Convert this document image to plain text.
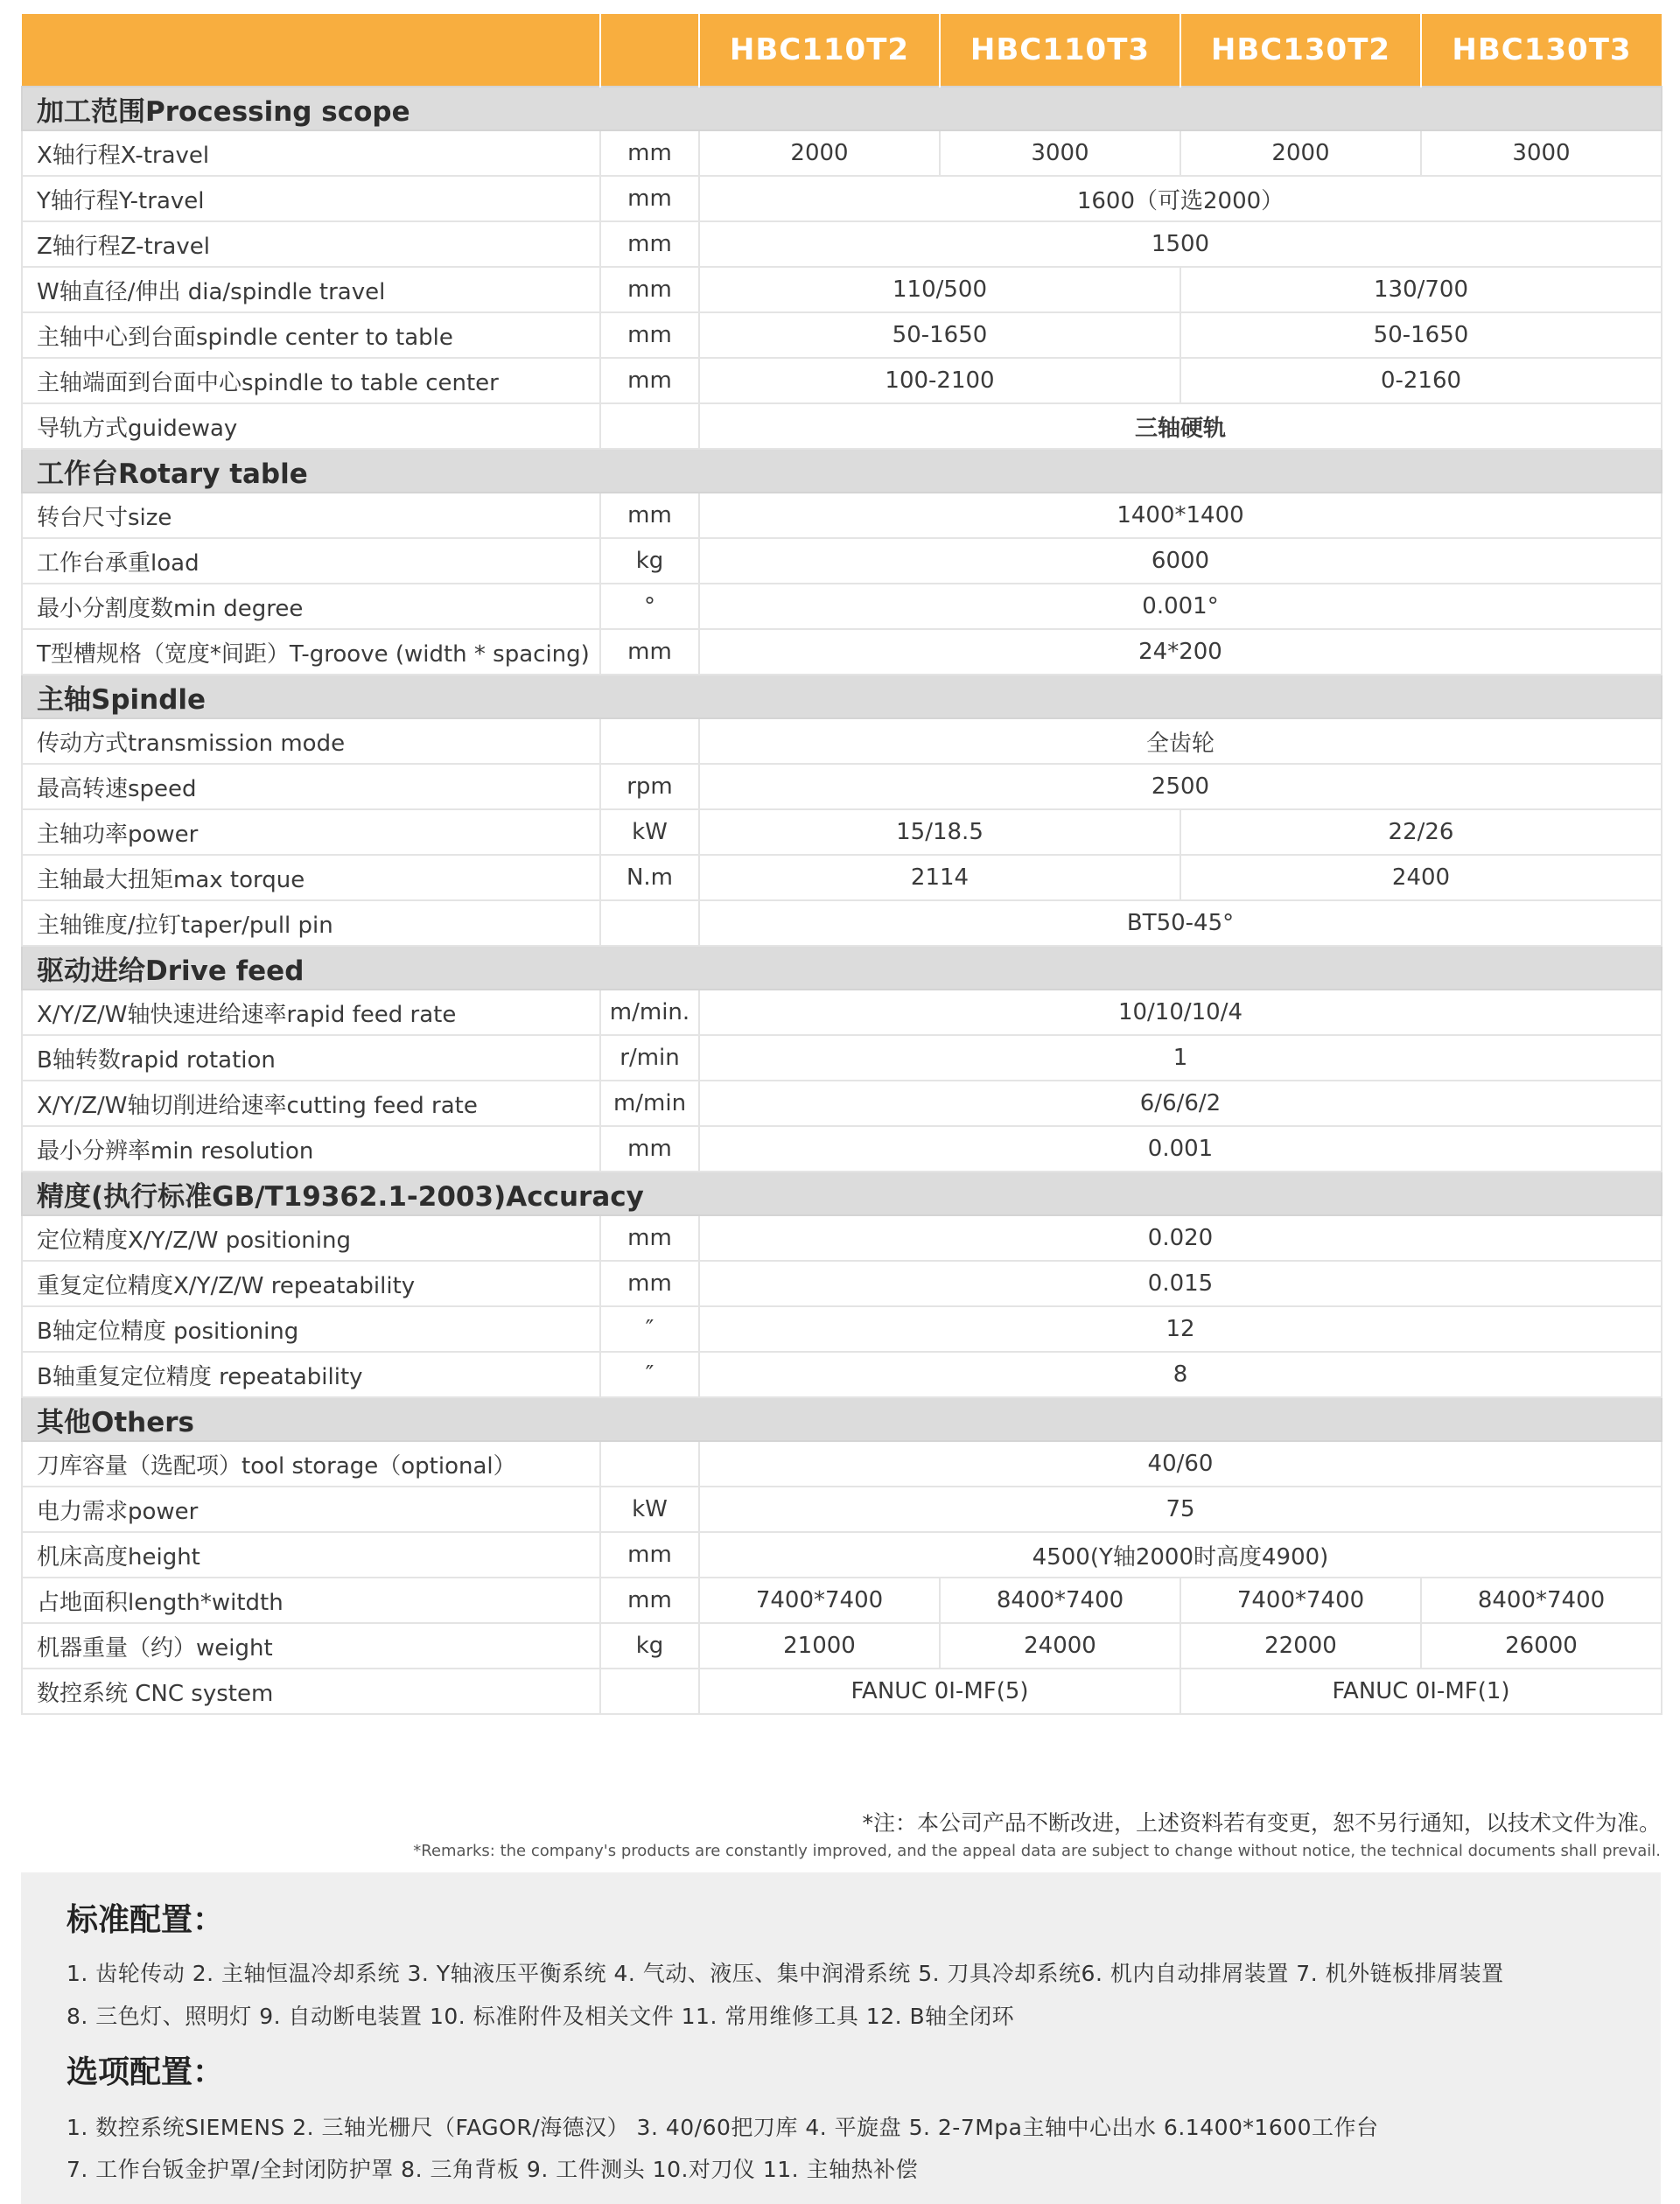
		HBC110T2	HBC110T3	HBC130T2	HBC130T3
加工范围Processing scope					
X轴行程X-travel	mm	2000	3000	2000	3000
Y轴行程Y-travel	mm	1600（可选2000）			
Z轴行程Z-travel	mm	1500			
W轴直径/伸出 dia/spindle travel	mm	110/500		130/700	
主轴中心到台面spindle center to table	mm	50-1650		50-1650	
主轴端面到台面中心spindle to table center	mm	100-2100		0-2160	
导轨方式guideway		三轴硬轨			
工作台Rotary table					
转台尺寸size	mm	1400*1400			
工作台承重load	kg	6000			
最小分割度数min degree	°	0.001°			
T型槽规格（宽度*间距）T-groove (width * spacing)	mm	24*200			
主轴Spindle					
传动方式transmission mode		全齿轮			
最高转速speed	rpm	2500			
主轴功率power	kW	15/18.5		22/26	
主轴最大扭矩max torque	N.m	2114		2400	
主轴锥度/拉钉taper/pull pin		BT50-45°			
驱动进给Drive feed					
X/Y/Z/W轴快速进给速率rapid feed rate	m/min.	10/10/10/4			
B轴转数rapid rotation	r/min	1			
X/Y/Z/W轴切削进给速率cutting feed rate	m/min	6/6/6/2			
最小分辨率min resolution	mm	0.001			
精度(执行标准GB/T19362.1-2003)Accuracy					
定位精度X/Y/Z/W positioning	mm	0.020			
重复定位精度X/Y/Z/W repeatability	mm	0.015			
B轴定位精度 positioning	″	12			
B轴重复定位精度 repeatability	″	8			
其他Others					
刀库容量（选配项）tool storage（optional）		40/60			
电力需求power	kW	75			
机床高度height	mm	4500(Y轴2000时高度4900)			
占地面积length*witdth	mm	7400*7400	8400*7400	7400*7400	8400*7400
机器重量（约）weight	kg	21000	24000	22000	26000
数控系统 CNC system		FANUC 0I-MF(5)		FANUC 0I-MF(1)	
*注：本公司产品不断改进，上述资料若有变更，恕不另行通知，以技术文件为准。
*Remarks: the company's products are constantly improved, and the appeal data are subject to change without notice, the technical documents shall prevail.
标准配置：
1. 齿轮传动 2. 主轴恒温冷却系统 3. Y轴液压平衡系统 4. 气动、液压、集中润滑系统 5. 刀具冷却系统6. 机内自动排屑装置 7. 机外链板排屑装置
8. 三色灯、照明灯 9. 自动断电装置 10. 标准附件及相关文件 11. 常用维修工具 12. B轴全闭环
选项配置：
1. 数控系统SIEMENS 2. 三轴光栅尺（FAGOR/海德汉） 3. 40/60把刀库 4. 平旋盘 5. 2-7Mpa主轴中心出水 6.1400*1600工作台
7. 工作台钣金护罩/全封闭防护罩 8. 三角背板 9. 工件测头 10.对刀仪 11. 主轴热补偿
